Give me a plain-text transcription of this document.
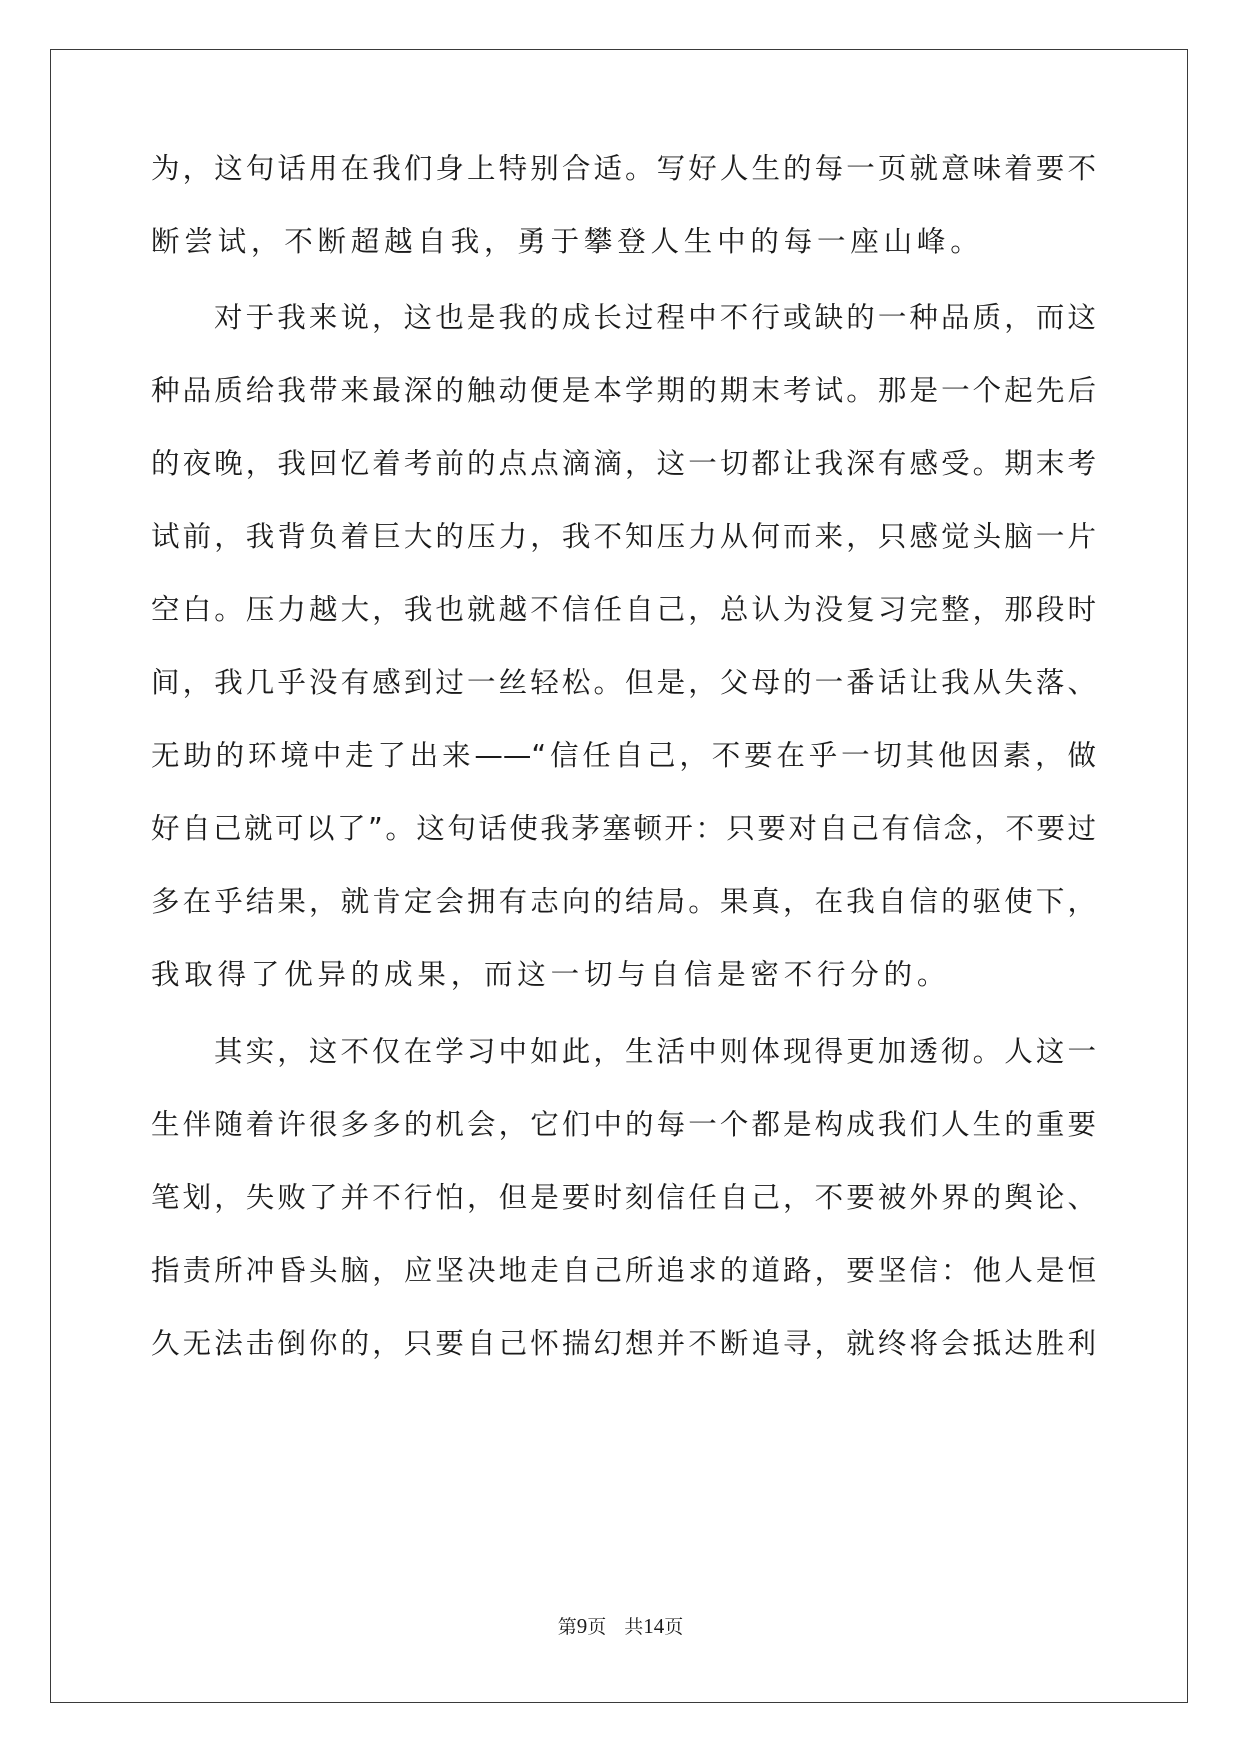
为，这句话用在我们身上特别合适。写好人生的每一页就意味着要不
断尝试，不断超越自我，勇于攀登人生中的每一座山峰。
对于我来说，这也是我的成长过程中不行或缺的一种品质，而这
种品质给我带来最深的触动便是本学期的期末考试。那是一个起先后
的夜晚，我回忆着考前的点点滴滴，这一切都让我深有感受。期末考
试前，我背负着巨大的压力，我不知压力从何而来，只感觉头脑一片
空白。压力越大，我也就越不信任自己，总认为没复习完整，那段时
间，我几乎没有感到过一丝轻松。但是，父母的一番话让我从失落、
无助的环境中走了出来——“信任自己，不要在乎一切其他因素，做
好自己就可以了”。这句话使我茅塞顿开：只要对自己有信念，不要过
多在乎结果，就肯定会拥有志向的结局。果真，在我自信的驱使下，
我取得了优异的成果，而这一切与自信是密不行分的。
其实，这不仅在学习中如此，生活中则体现得更加透彻。人这一
生伴随着许很多多的机会，它们中的每一个都是构成我们人生的重要
笔划，失败了并不行怕，但是要时刻信任自己，不要被外界的舆论、
指责所冲昏头脑，应坚决地走自己所追求的道路，要坚信：他人是恒
久无法击倒你的，只要自己怀揣幻想并不断追寻，就终将会抵达胜利
第9页 共14页
